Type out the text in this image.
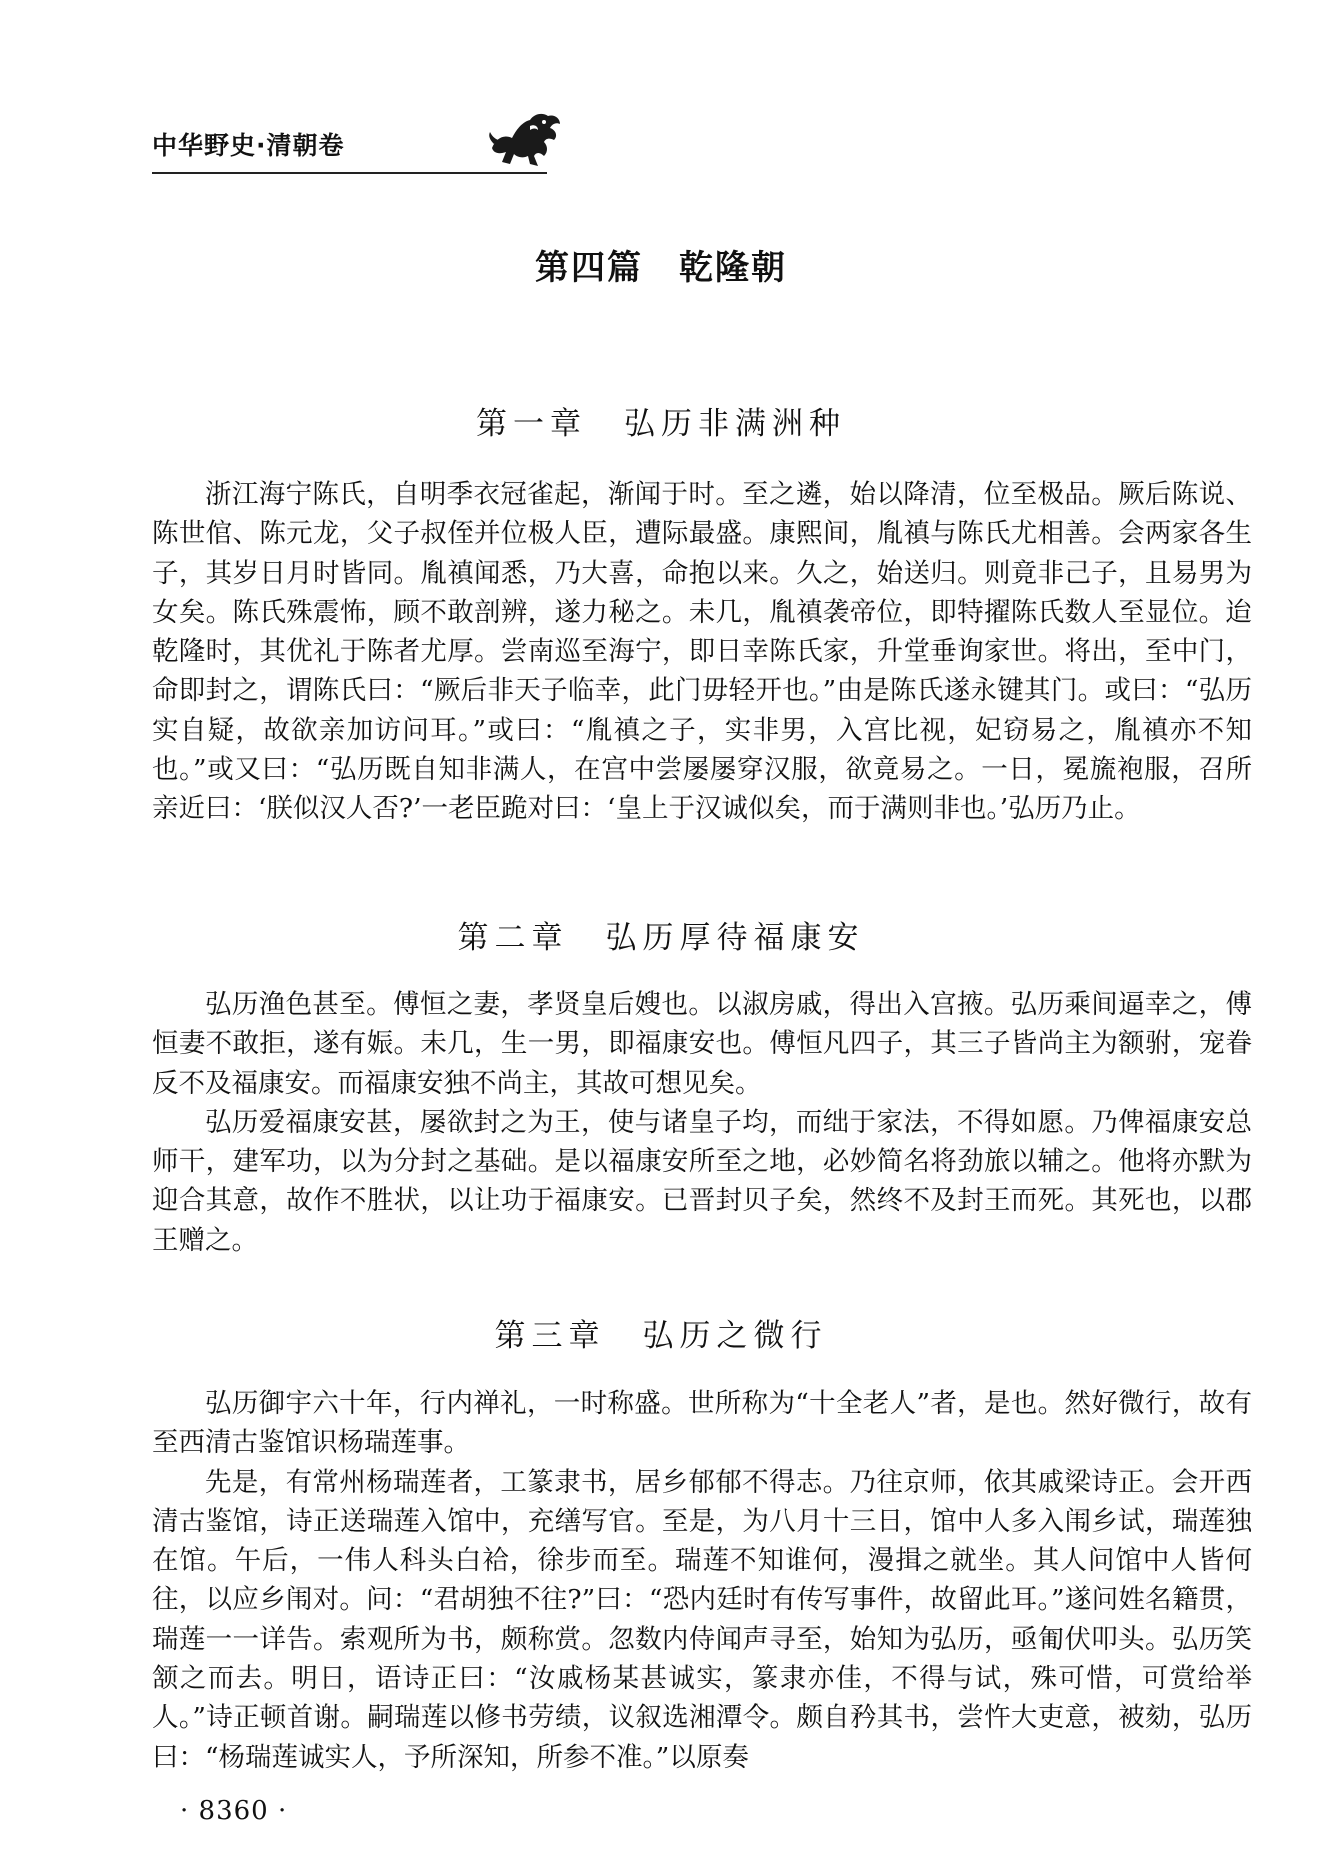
中华野史·清朝卷
第四篇　乾隆朝
第一章　弘历非满洲种

浙江海宁陈氏，自明季衣冠雀起，渐闻于时。至之遴，始以降清，位至极品。厥后陈说、陈世倌、陈元龙，父子叔侄并位极人臣，遭际最盛。康熙间，胤禛与陈氏尤相善。会两家各生子，其岁日月时皆同。胤禛闻悉，乃大喜，命抱以来。久之，始送归。则竟非己子，且易男为女矣。陈氏殊震怖，顾不敢剖辨，遂力秘之。未几，胤禛袭帝位，即特擢陈氏数人至显位。迨乾隆时，其优礼于陈者尤厚。尝南巡至海宁，即日幸陈氏家，升堂垂询家世。将出，至中门，命即封之，谓陈氏曰：“厥后非天子临幸，此门毋轻开也。”由是陈氏遂永键其门。或曰：“弘历实自疑，故欲亲加访问耳。”或曰：“胤禛之子，实非男，入宫比视，妃窃易之，胤禛亦不知也。”或又曰：“弘历既自知非满人，在宫中尝屡屡穿汉服，欲竟易之。一日，冕旒袍服，召所亲近曰：‘朕似汉人否?’一老臣跪对曰：‘皇上于汉诚似矣，而于满则非也。’弘历乃止。

第二章　弘历厚待福康安

弘历渔色甚至。傅恒之妻，孝贤皇后嫂也。以淑房戚，得出入宫掖。弘历乘间逼幸之，傅恒妻不敢拒，遂有娠。未几，生一男，即福康安也。傅恒凡四子，其三子皆尚主为额驸，宠眷反不及福康安。而福康安独不尚主，其故可想见矣。

弘历爱福康安甚，屡欲封之为王，使与诸皇子均，而绌于家法，不得如愿。乃俾福康安总师干，建军功，以为分封之基础。是以福康安所至之地，必妙简名将劲旅以辅之。他将亦默为迎合其意，故作不胜状，以让功于福康安。已晋封贝子矣，然终不及封王而死。其死也，以郡王赠之。

第三章　弘历之微行

弘历御宇六十年，行内禅礼，一时称盛。世所称为“十全老人”者，是也。然好微行，故有至西清古鉴馆识杨瑞莲事。

先是，有常州杨瑞莲者，工篆隶书，居乡郁郁不得志。乃往京师，依其戚梁诗正。会开西清古鉴馆，诗正送瑞莲入馆中，充缮写官。至是，为八月十三日，馆中人多入闱乡试，瑞莲独在馆。午后，一伟人科头白袷，徐步而至。瑞莲不知谁何，漫揖之就坐。其人问馆中人皆何往，以应乡闱对。问：“君胡独不往?”曰：“恐内廷时有传写事件，故留此耳。”遂问姓名籍贯，瑞莲一一详告。索观所为书，颇称赏。忽数内侍闻声寻至，始知为弘历，亟匍伏叩头。弘历笑颔之而去。明日，语诗正曰：“汝戚杨某甚诚实，篆隶亦佳，不得与试，殊可惜，可赏给举人。”诗正顿首谢。嗣瑞莲以修书劳绩，议叙选湘潭令。颇自矜其书，尝忤大吏意，被劾，弘历曰：“杨瑞莲诚实人，予所深知，所参不准。”以原奏

· 8360 ·
